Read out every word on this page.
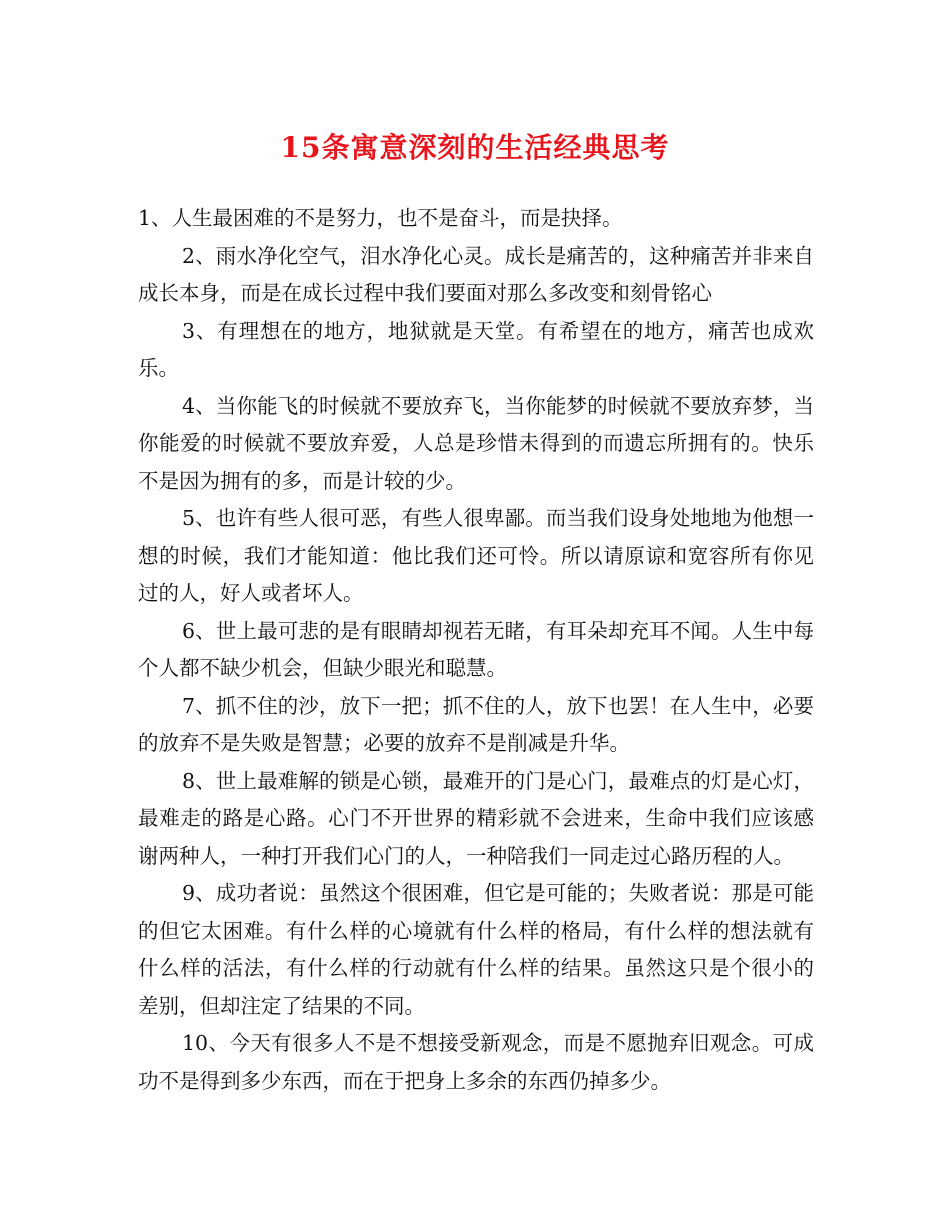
15条寓意深刻的生活经典思考

1、人生最困难的不是努力，也不是奋斗，而是抉择。

2、雨水净化空气，泪水净化心灵。成长是痛苦的，这种痛苦并非来自成长本身，而是在成长过程中我们要面对那么多改变和刻骨铭心

3、有理想在的地方，地狱就是天堂。有希望在的地方，痛苦也成欢乐。

4、当你能飞的时候就不要放弃飞，当你能梦的时候就不要放弃梦，当你能爱的时候就不要放弃爱，人总是珍惜未得到的而遗忘所拥有的。快乐不是因为拥有的多，而是计较的少。

5、也许有些人很可恶，有些人很卑鄙。而当我们设身处地地为他想一想的时候，我们才能知道：他比我们还可怜。所以请原谅和宽容所有你见过的人，好人或者坏人。

6、世上最可悲的是有眼睛却视若无睹，有耳朵却充耳不闻。人生中每个人都不缺少机会，但缺少眼光和聪慧。

7、抓不住的沙，放下一把；抓不住的人，放下也罢！在人生中，必要的放弃不是失败是智慧；必要的放弃不是削减是升华。

8、世上最难解的锁是心锁，最难开的门是心门，最难点的灯是心灯，最难走的路是心路。心门不开世界的精彩就不会进来，生命中我们应该感谢两种人，一种打开我们心门的人，一种陪我们一同走过心路历程的人。

9、成功者说：虽然这个很困难，但它是可能的；失败者说：那是可能的但它太困难。有什么样的心境就有什么样的格局，有什么样的想法就有什么样的活法，有什么样的行动就有什么样的结果。虽然这只是个很小的差别，但却注定了结果的不同。

10、今天有很多人不是不想接受新观念，而是不愿抛弃旧观念。可成功不是得到多少东西，而在于把身上多余的东西仍掉多少。
